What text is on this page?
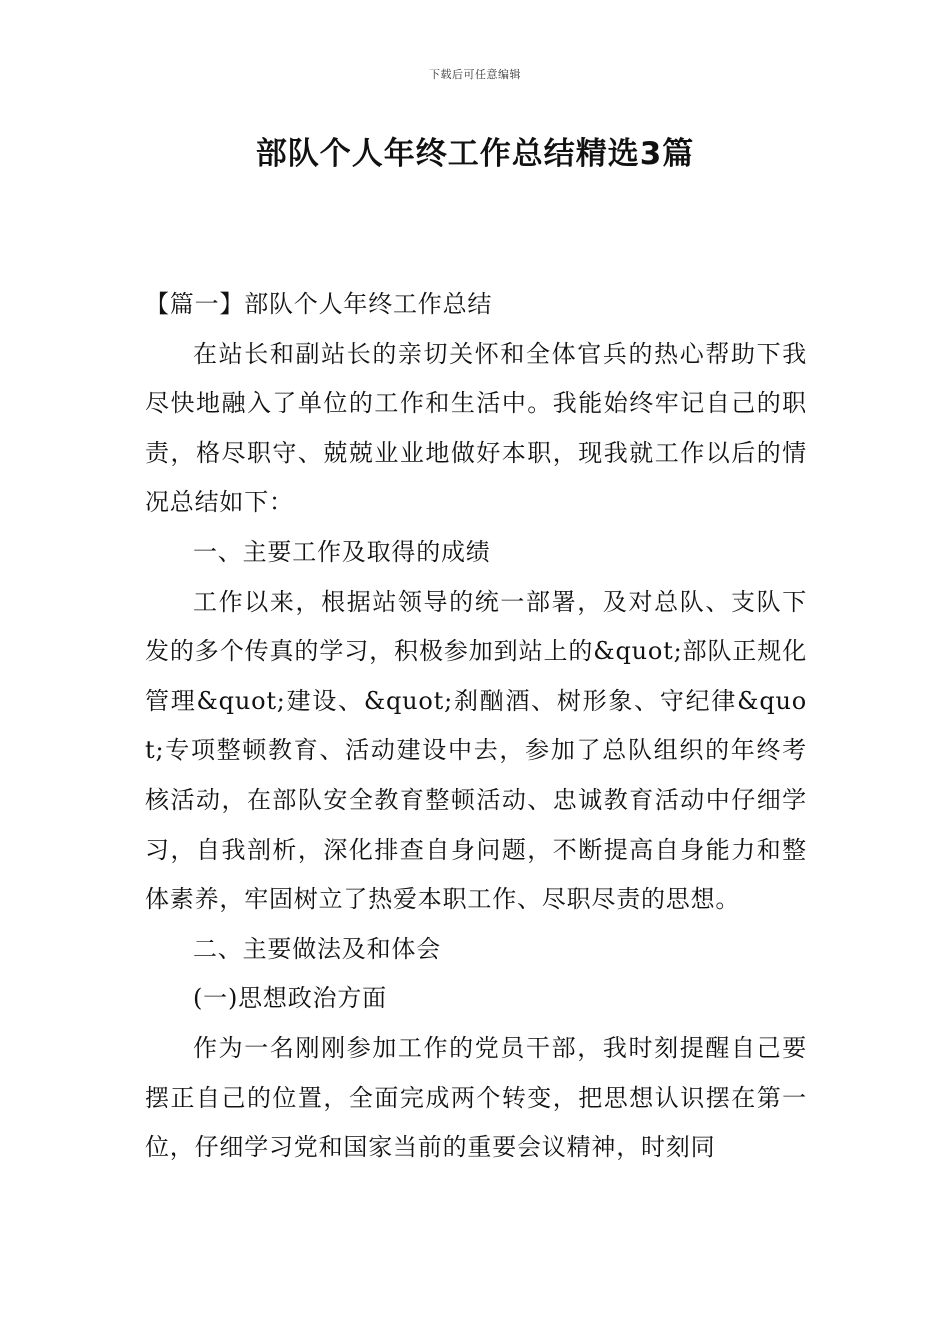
下载后可任意编辑
部队个人年终工作总结精选3篇

【篇一】部队个人年终工作总结

在站长和副站长的亲切关怀和全体官兵的热心帮助下我尽快地融入了单位的工作和生活中。我能始终牢记自己的职责，格尽职守、兢兢业业地做好本职，现我就工作以后的情况总结如下：

一、主要工作及取得的成绩

工作以来，根据站领导的统一部署，及对总队、支队下发的多个传真的学习，积极参加到站上的&quot;部队正规化管理&quot;建设、&quot;刹酗酒、树形象、守纪律&quot;专项整顿教育、活动建设中去，参加了总队组织的年终考核活动，在部队安全教育整顿活动、忠诚教育活动中仔细学习，自我剖析，深化排查自身问题，不断提高自身能力和整体素养，牢固树立了热爱本职工作、尽职尽责的思想。

二、主要做法及和体会

(一)思想政治方面

作为一名刚刚参加工作的党员干部，我时刻提醒自己要摆正自己的位置，全面完成两个转变，把思想认识摆在第一位，仔细学习党和国家当前的重要会议精神，时刻同
